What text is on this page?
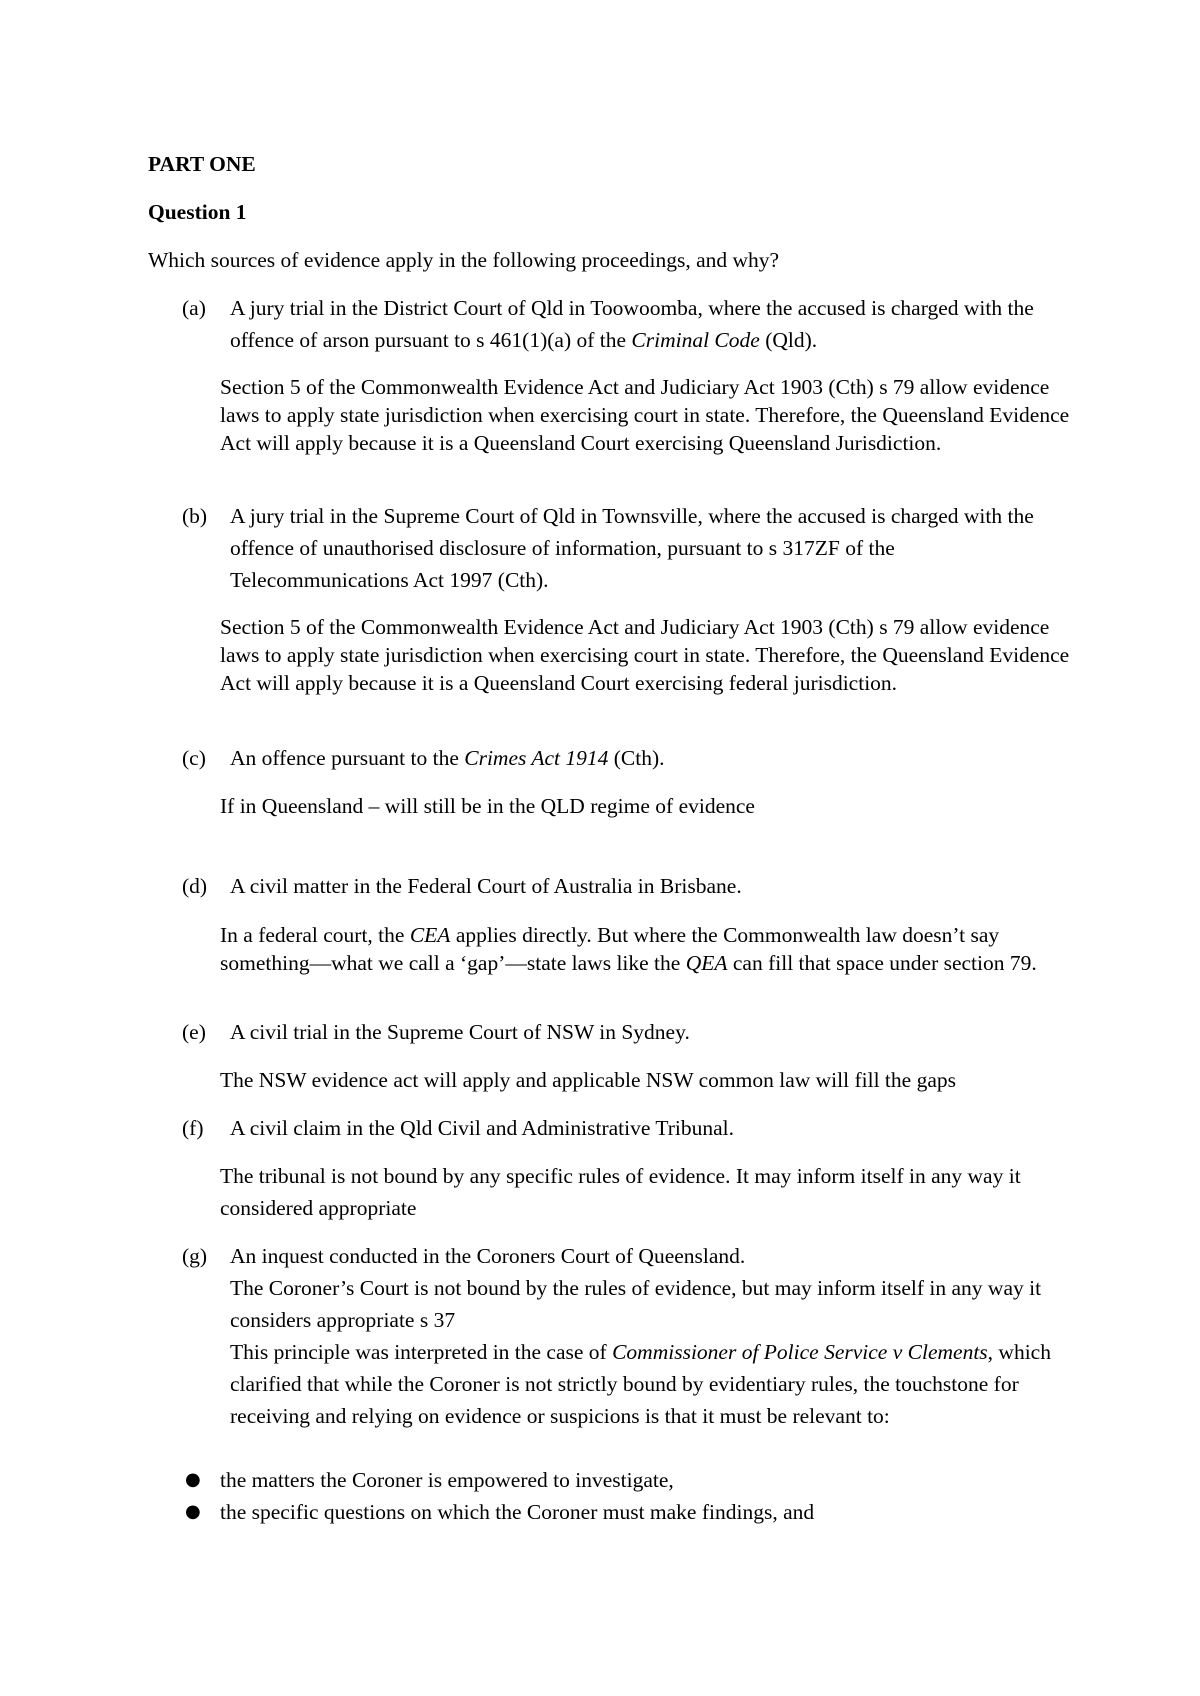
PART ONE
Question 1
Which sources of evidence apply in the following proceedings, and why?
(a) A jury trial in the District Court of Qld in Toowoomba, where the accused is charged with the offence of arson pursuant to s 461(1)(a) of the Criminal Code (Qld).
Section 5 of the Commonwealth Evidence Act and Judiciary Act 1903 (Cth) s 79 allow evidence laws to apply state jurisdiction when exercising court in state. Therefore, the Queensland Evidence Act will apply because it is a Queensland Court exercising Queensland Jurisdiction.
(b) A jury trial in the Supreme Court of Qld in Townsville, where the accused is charged with the offence of unauthorised disclosure of information, pursuant to s 317ZF of the Telecommunications Act 1997 (Cth).
Section 5 of the Commonwealth Evidence Act and Judiciary Act 1903 (Cth) s 79 allow evidence laws to apply state jurisdiction when exercising court in state. Therefore, the Queensland Evidence Act will apply because it is a Queensland Court exercising federal jurisdiction.
(c) An offence pursuant to the Crimes Act 1914 (Cth).
If in Queensland – will still be in the QLD regime of evidence
(d) A civil matter in the Federal Court of Australia in Brisbane.
In a federal court, the CEA applies directly. But where the Commonwealth law doesn’t say something—what we call a ‘gap’—state laws like the QEA can fill that space under section 79.
(e) A civil trial in the Supreme Court of NSW in Sydney.
The NSW evidence act will apply and applicable NSW common law will fill the gaps
(f) A civil claim in the Qld Civil and Administrative Tribunal.
The tribunal is not bound by any specific rules of evidence. It may inform itself in any way it considered appropriate
(g) An inquest conducted in the Coroners Court of Queensland.
The Coroner’s Court is not bound by the rules of evidence, but may inform itself in any way it considers appropriate s 37
This principle was interpreted in the case of Commissioner of Police Service v Clements, which clarified that while the Coroner is not strictly bound by evidentiary rules, the touchstone for receiving and relying on evidence or suspicions is that it must be relevant to:
● the matters the Coroner is empowered to investigate,
● the specific questions on which the Coroner must make findings, and
